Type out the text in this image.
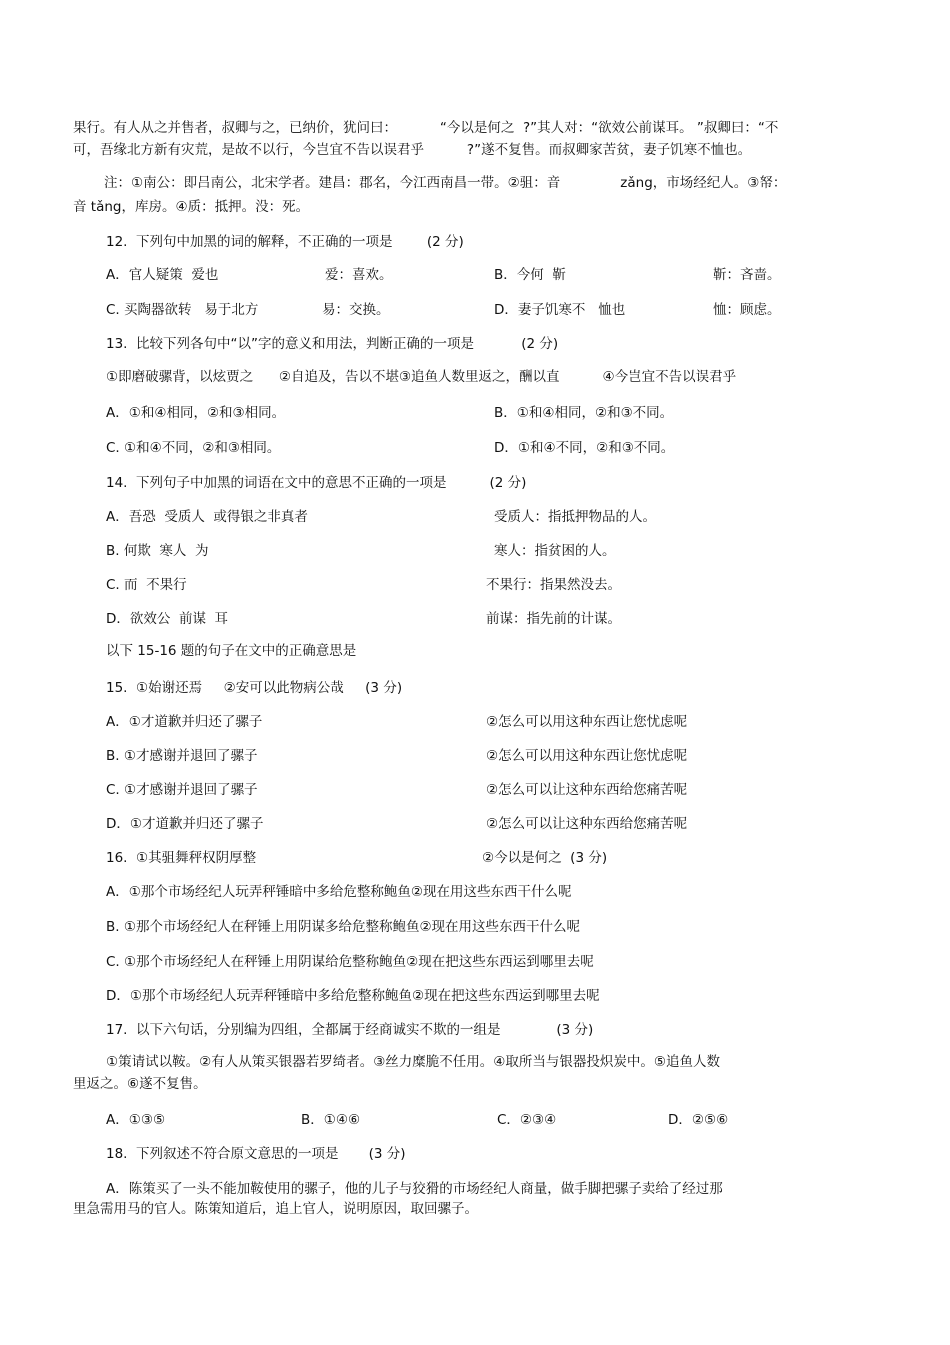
果行。有人从之并售者，叔卿与之，已纳价，犹问曰：          “今以是何之  ?”其人对：“欲效公前谋耳。 ”叔卿曰：“不
可，吾缘北方新有灾荒，是故不以行，今岂宜不告以误君乎          ?”遂不复售。而叔卿家苦贫，妻子饥寒不恤也。
注：①南公：即吕南公，北宋学者。建昌：郡名，今江西南昌一带。②驵：音              zǎng，市场经纪人。③帑：
音 tǎng，库房。④质：抵押。没：死。
12.  下列句中加黑的词的解释，不正确的一项是        (2 分)
A．官人疑策  爱也	爱：喜欢。	B．今何  靳	靳：吝啬。
C. 买陶器欲转   易于北方	易：交换。	D．妻子饥寒不   恤也	恤：顾虑。
13.  比较下列各句中“以”字的意义和用法，判断正确的一项是           (2 分)
①即磨破骡背，以炫贾之      ②自追及，告以不堪③追鱼人数里返之，酬以直          ④今岂宜不告以误君乎
A．①和④相同，②和③相同。	B．①和④相同，②和③不同。
C. ①和④不同，②和③相同。	D．①和④不同，②和③不同。
14.  下列句子中加黑的词语在文中的意思不正确的一项是          (2 分)
A．吾恐  受质人  或得银之非真者	受质人：指抵押物品的人。
B. 何欺  寒人  为	寒人：指贫困的人。
C. 而  不果行	不果行：指果然没去。
D．欲效公  前谋  耳	前谋：指先前的计谋。
以下 15-16 题的句子在文中的正确意思是
15.  ①始谢还焉     ②安可以此物病公哉     (3 分)
A．①才道歉并归还了骡子	②怎么可以用这种东西让您忧虑呢
B. ①才感谢并退回了骡子	②怎么可以用这种东西让您忧虑呢
C. ①才感谢并退回了骡子	②怎么可以让这种东西给您痛苦呢
D．①才道歉并归还了骡子	②怎么可以让这种东西给您痛苦呢
16.  ①其驵舞秤权阴厚整	②今以是何之  (3 分)
A．①那个市场经纪人玩弄秤锤暗中多给危整称鲍鱼②现在用这些东西干什么呢
B. ①那个市场经纪人在秤锤上用阴谋多给危整称鲍鱼②现在用这些东西干什么呢
C. ①那个市场经纪人在秤锤上用阴谋给危整称鲍鱼②现在把这些东西运到哪里去呢
D．①那个市场经纪人玩弄秤锤暗中多给危整称鲍鱼②现在把这些东西运到哪里去呢
17.  以下六句话，分别编为四组，全都属于经商诚实不欺的一组是             (3 分)
①策请试以鞍。②有人从策买银器若罗绮者。③丝力糜脆不任用。④取所当与银器投炽炭中。⑤追鱼人数
里返之。⑥遂不复售。
A．①③⑤	B．①④⑥	C．②③④	D．②⑤⑥
18.  下列叙述不符合原文意思的一项是       (3 分)
A．陈策买了一头不能加鞍使用的骡子，他的儿子与狡猾的市场经纪人商量，做手脚把骡子卖给了经过那
里急需用马的官人。陈策知道后，追上官人，说明原因，取回骡子。
